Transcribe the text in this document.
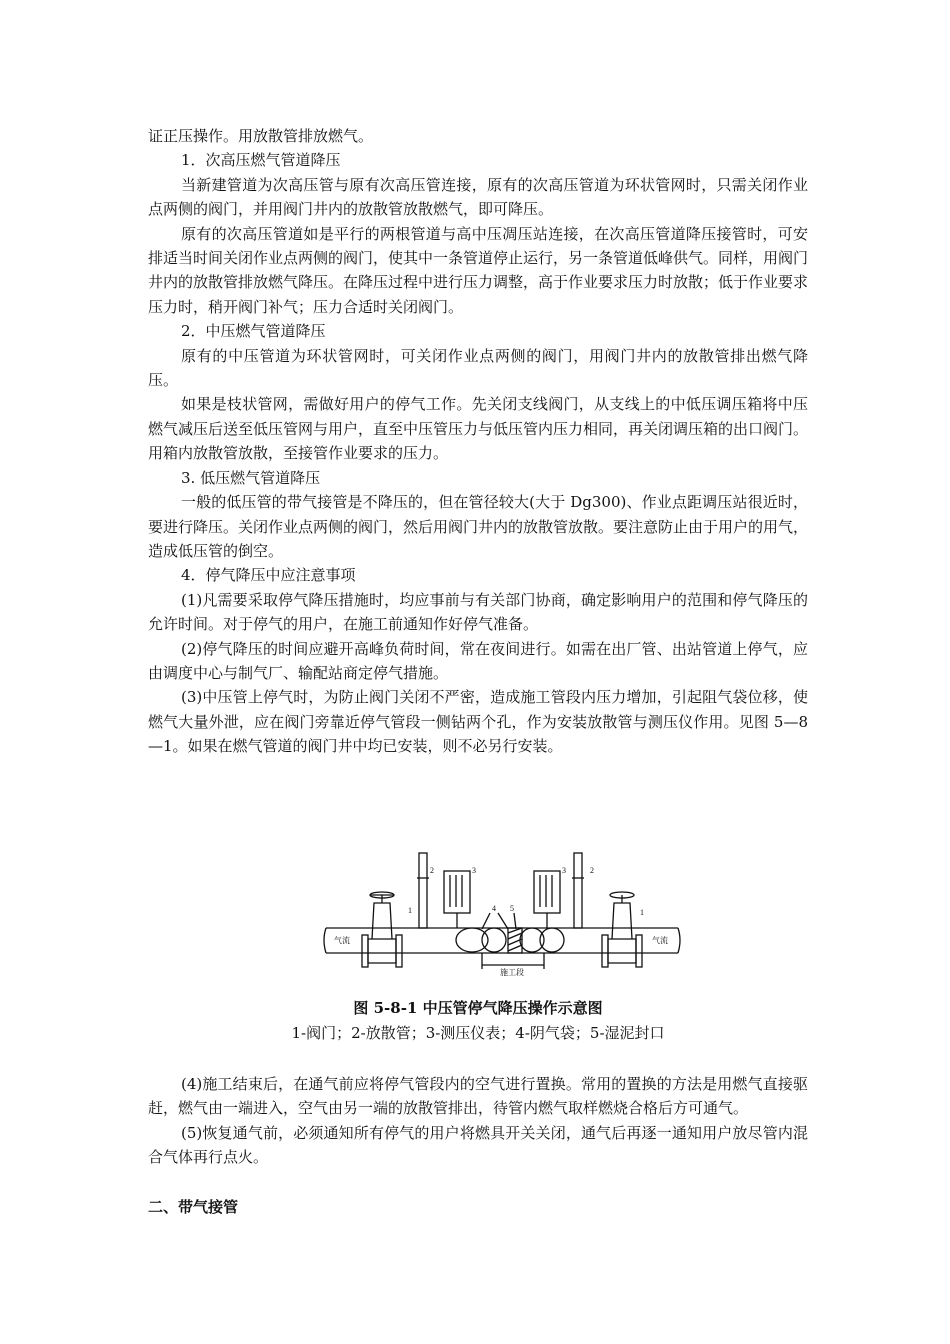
证正压操作。用放散管排放燃气。

1．次高压燃气管道降压

当新建管道为次高压管与原有次高压管连接，原有的次高压管道为环状管网时，只需关闭作业点两侧的阀门，并用阀门井内的放散管放散燃气，即可降压。

原有的次高压管道如是平行的两根管道与高中压凋压站连接，在次高压管道降压接管时，可安排适当时间关闭作业点两侧的阀门，使其中一条管道停止运行，另一条管道低峰供气。同样，用阀门井内的放散管排放燃气降压。在降压过程中进行压力调整，高于作业要求压力时放散；低于作业要求压力时，稍开阀门补气；压力合适时关闭阀门。

2．中压燃气管道降压

原有的中压管道为环状管网时，可关闭作业点两侧的阀门，用阀门井内的放散管排出燃气降压。

如果是枝状管网，需做好用户的停气工作。先关闭支线阀门，从支线上的中低压调压箱将中压燃气减压后送至低压管网与用户，直至中压管压力与低压管内压力相同，再关闭调压箱的出口阀门。用箱内放散管放散，至接管作业要求的压力。

3. 低压燃气管道降压

一般的低压管的带气接管是不降压的，但在管径较大(大于 Dg300)、作业点距调压站很近时，要进行降压。关闭作业点两侧的阀门，然后用阀门井内的放散管放散。要注意防止由于用户的用气，造成低压管的倒空。

4．停气降压中应注意事项

(1)凡需要采取停气降压措施时，均应事前与有关部门协商，确定影响用户的范围和停气降压的允许时间。对于停气的用户，在施工前通知作好停气准备。

(2)停气降压的时间应避开高峰负荷时间，常在夜间进行。如需在出厂管、出站管道上停气，应由调度中心与制气厂、输配站商定停气措施。

(3)中压管上停气时，为防止阀门关闭不严密，造成施工管段内压力增加，引起阻气袋位移，使燃气大量外泄，应在阀门旁靠近停气管段一侧钻两个孔，作为安装放散管与测压仪作用。见图 5—8—1。如果在燃气管道的阀门井中均已安装，则不必另行安装。

气流	气流
施工段
1
2	3
4 5
2
3
1
图 5-8-1 中压管停气降压操作示意图
1-阀门；2-放散管；3-测压仪表；4-阴气袋；5-湿泥封口

(4)施工结束后，在通气前应将停气管段内的空气进行置换。常用的置换的方法是用燃气直接驱赶，燃气由一端进入，空气由另一端的放散管排出，待管内燃气取样燃烧合格后方可通气。

(5)恢复通气前，必须通知所有停气的用户将燃具开关关闭，通气后再逐一通知用户放尽管内混合气体再行点火。

二、带气接管
